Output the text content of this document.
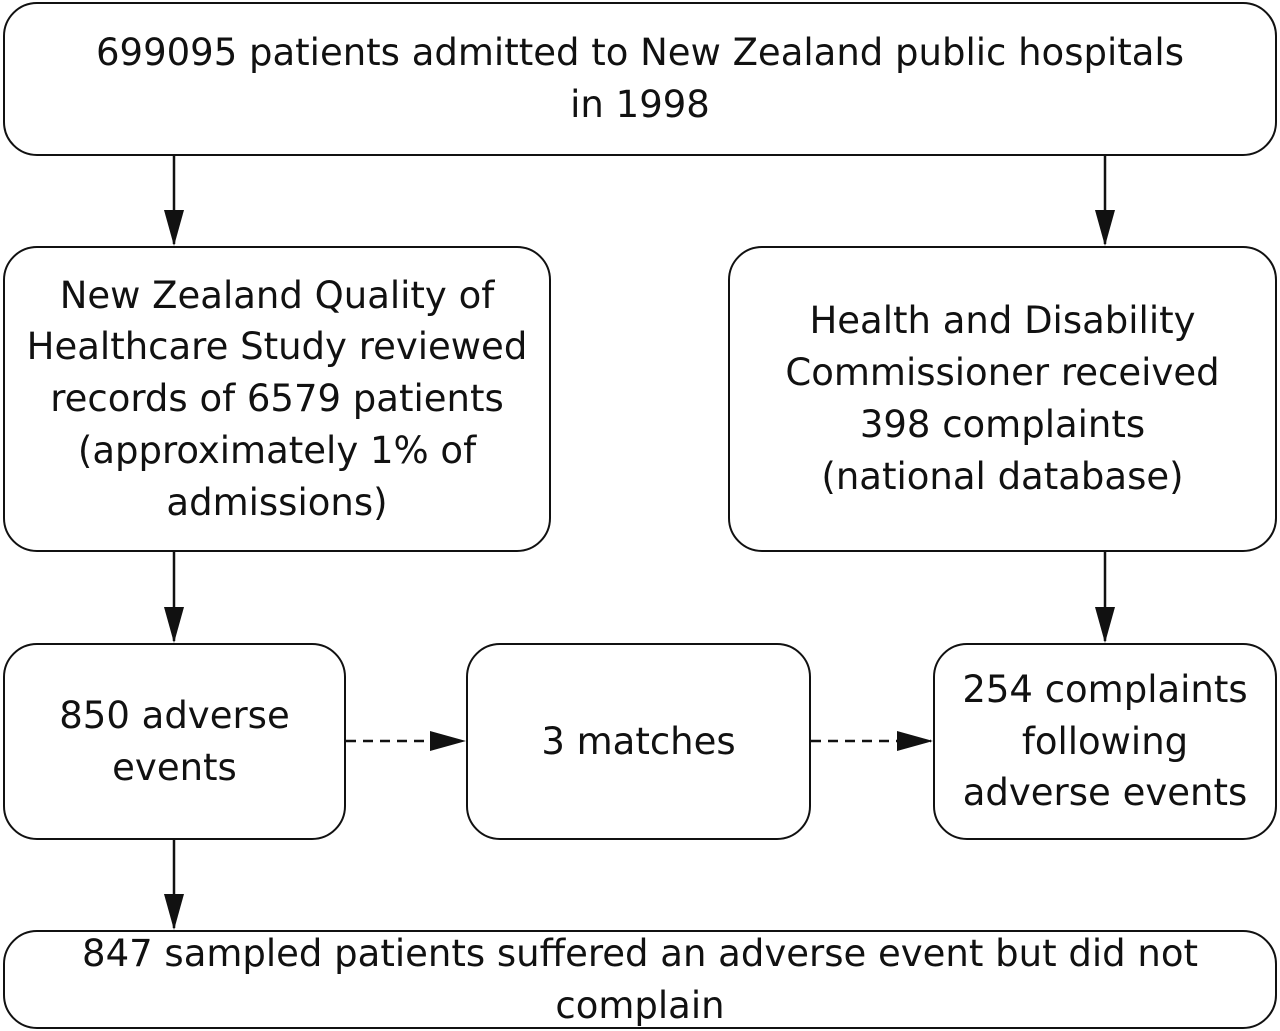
699095 patients admitted to New Zealand public hospitals
in 1998
New Zealand Quality of
Healthcare Study reviewed
records of 6579 patients
(approximately 1% of
admissions)
Health and Disability
Commissioner received
398 complaints
(national database)
850 adverse
events
3 matches
254 complaints
following
adverse events
847 sampled patients suffered an adverse event but did not complain
